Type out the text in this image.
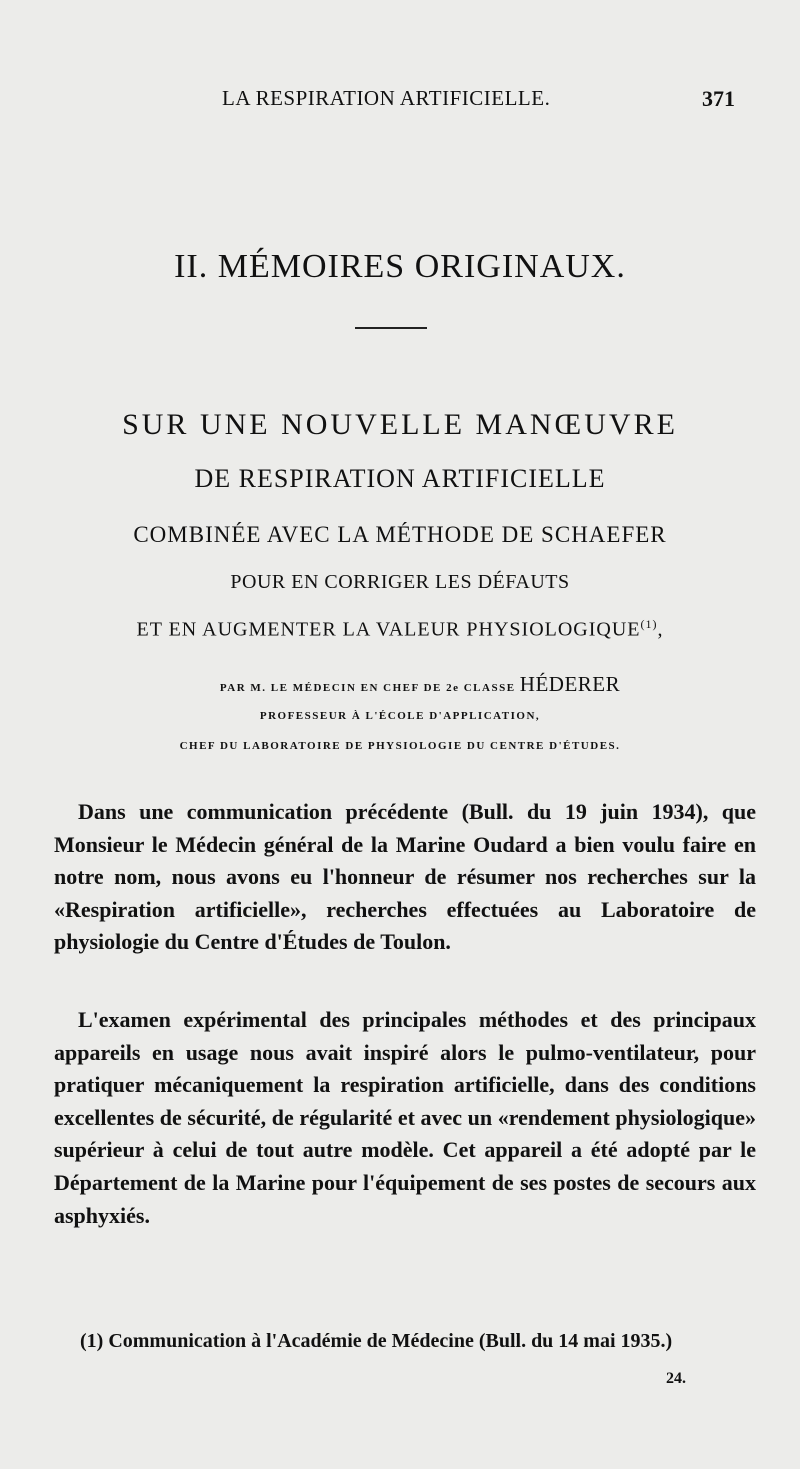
LA RESPIRATION ARTIFICIELLE.	371
II. MÉMOIRES ORIGINAUX.
SUR UNE NOUVELLE MANŒUVRE
DE RESPIRATION ARTIFICIELLE
COMBINÉE AVEC LA MÉTHODE DE SCHAEFER
POUR EN CORRIGER LES DÉFAUTS
ET EN AUGMENTER LA VALEUR PHYSIOLOGIQUE$^{(1)}$,
PAR M. LE MÉDECIN EN CHEF DE 2e CLASSE HÉDERER
PROFESSEUR À L'ÉCOLE D'APPLICATION,
CHEF DU LABORATOIRE DE PHYSIOLOGIE DU CENTRE D'ÉTUDES.

Dans une communication précédente (Bull. du 19 juin 1934), que Monsieur le Médecin général de la Marine Oudard a bien voulu faire en notre nom, nous avons eu l'honneur de résumer nos recherches sur la «Respiration artificielle», recherches effectuées au Laboratoire de physiologie du Centre d'Études de Toulon.

L'examen expérimental des principales méthodes et des principaux appareils en usage nous avait inspiré alors le pulmo-ventilateur, pour pratiquer mécaniquement la respiration artificielle, dans des conditions excellentes de sécurité, de régularité et avec un «rendement physiologique» supérieur à celui de tout autre modèle. Cet appareil a été adopté par le Département de la Marine pour l'équipement de ses postes de secours aux asphyxiés.

(1) Communication à l'Académie de Médecine (Bull. du 14 mai 1935.)
24.
